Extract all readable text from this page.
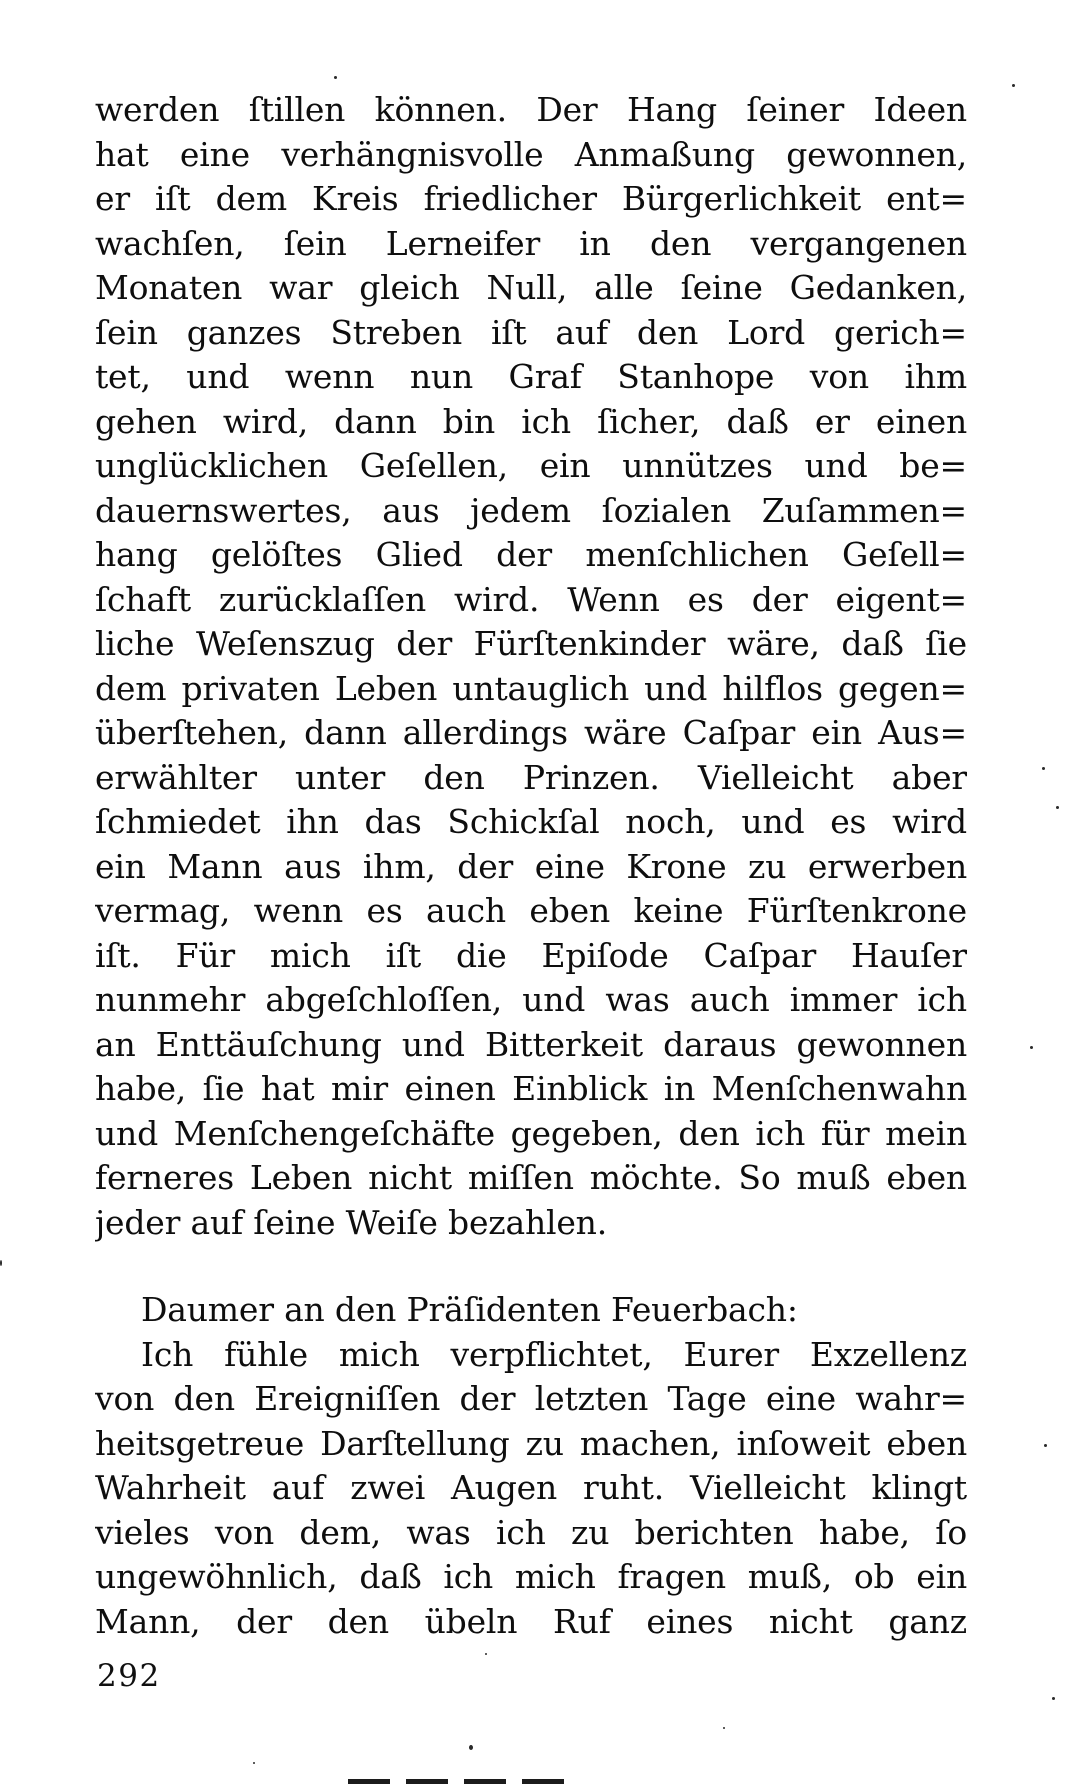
werden ſtillen können. Der Hang ſeiner Ideen
hat eine verhängnisvolle Anmaßung gewonnen,
er iſt dem Kreis friedlicher Bürgerlichkeit ent=
wachſen, ſein Lerneifer in den vergangenen
Monaten war gleich Null, alle ſeine Gedanken,
ſein ganzes Streben iſt auf den Lord gerich=
tet, und wenn nun Graf Stanhope von ihm
gehen wird, dann bin ich ſicher, daß er einen
unglücklichen Geſellen, ein unnützes und be=
dauernswertes, aus jedem ſozialen Zuſammen=
hang gelöſtes Glied der menſchlichen Geſell=
ſchaft zurücklaſſen wird. Wenn es der eigent=
liche Weſenszug der Fürſtenkinder wäre, daß ſie
dem privaten Leben untauglich und hilflos gegen=
überſtehen, dann allerdings wäre Caſpar ein Aus=
erwählter unter den Prinzen. Vielleicht aber
ſchmiedet ihn das Schickſal noch, und es wird
ein Mann aus ihm, der eine Krone zu erwerben
vermag, wenn es auch eben keine Fürſtenkrone
iſt. Für mich iſt die Epiſode Caſpar Hauſer
nunmehr abgeſchloſſen, und was auch immer ich
an Enttäuſchung und Bitterkeit daraus gewonnen
habe, ſie hat mir einen Einblick in Menſchenwahn
und Menſchengeſchäfte gegeben, den ich für mein
ferneres Leben nicht miſſen möchte. So muß eben
jeder auf ſeine Weiſe bezahlen.
Daumer an den Präſidenten Feuerbach:
Ich fühle mich verpflichtet, Eurer Exzellenz
von den Ereigniſſen der letzten Tage eine wahr=
heitsgetreue Darſtellung zu machen, inſoweit eben
Wahrheit auf zwei Augen ruht. Vielleicht klingt
vieles von dem, was ich zu berichten habe, ſo
ungewöhnlich, daß ich mich fragen muß, ob ein
Mann, der den übeln Ruf eines nicht ganz
292
